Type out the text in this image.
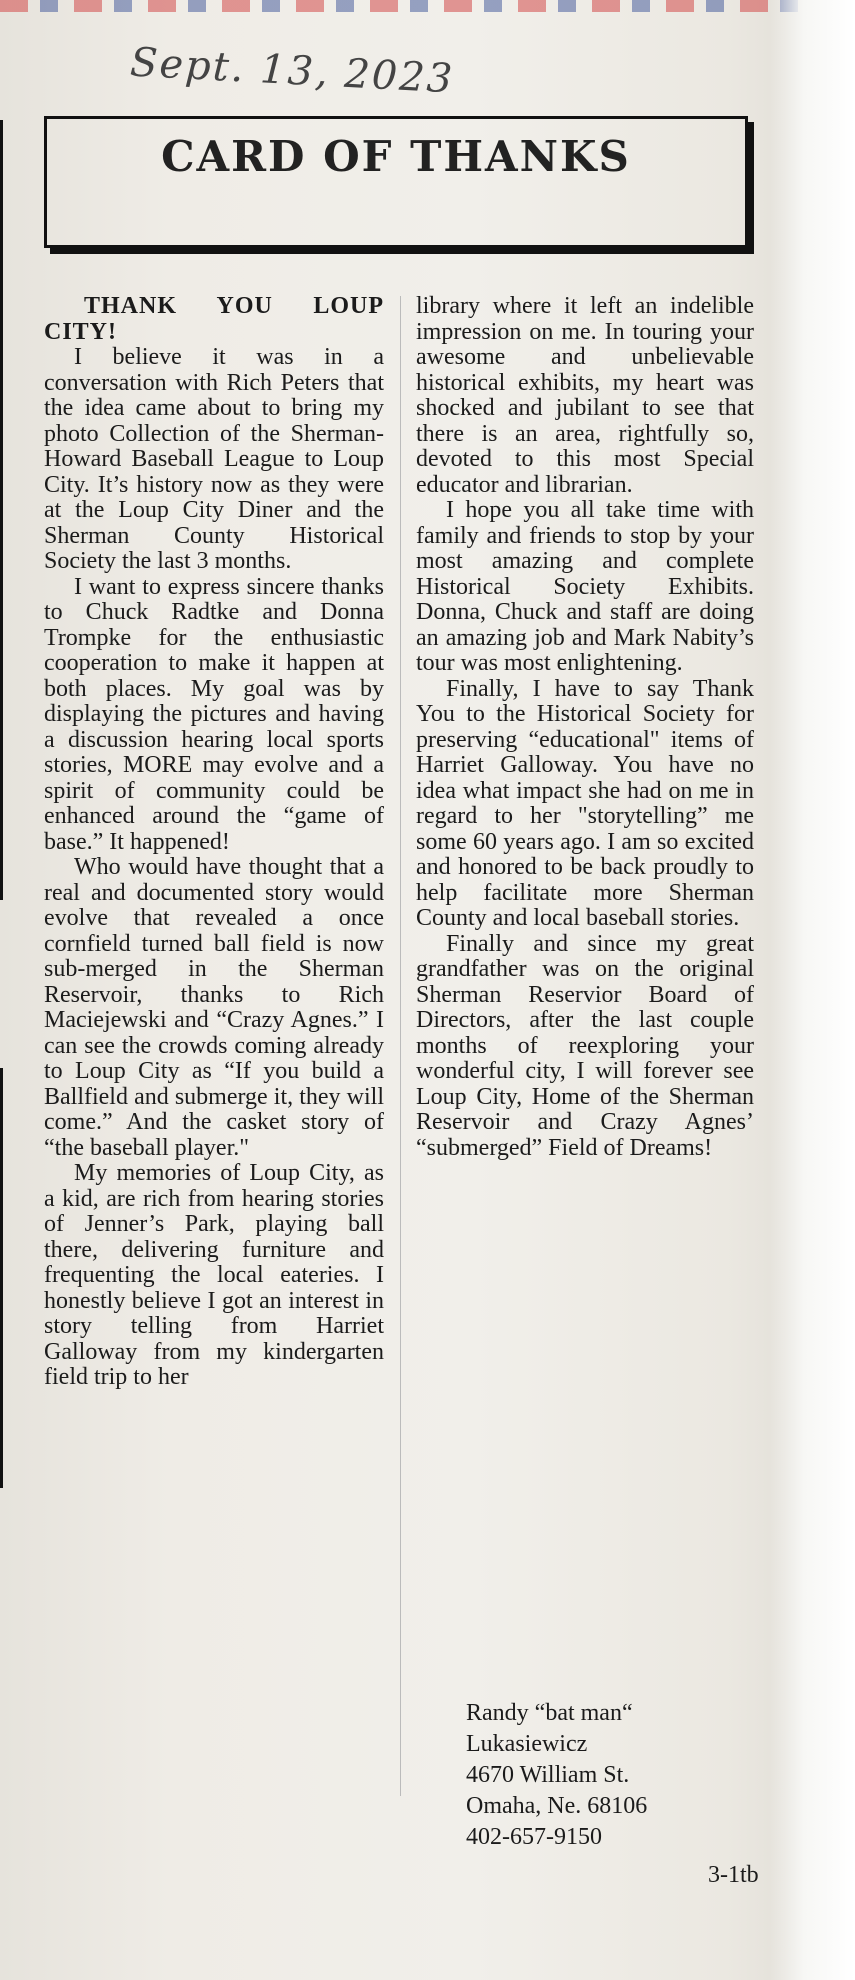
Sept. 13, 2023
CARD OF THANKS

THANK YOU LOUP CITY!

I believe it was in a conversation with Rich Peters that the idea came about to bring my photo Collection of the Sherman-Howard Baseball League to Loup City. It’s history now as they were at the Loup City Diner and the Sherman County Historical Society the last 3 months.

I want to express sincere thanks to Chuck Radtke and Donna Trompke for the enthusiastic cooperation to make it happen at both places. My goal was by displaying the pictures and having a discussion hearing local sports stories, MORE may evolve and a spirit of community could be enhanced around the “game of base.” It happened!

Who would have thought that a real and documented story would evolve that revealed a once cornfield turned ball field is now sub-merged in the Sherman Reservoir, thanks to Rich Maciejewski and “Crazy Agnes.” I can see the crowds coming already to Loup City as “If you build a Ballfield and submerge it, they will come.” And the casket story of “the baseball player."

My memories of Loup City, as a kid, are rich from hearing stories of Jenner’s Park, playing ball there, delivering furniture and frequenting the local eateries. I honestly believe I got an interest in story telling from Harriet Galloway from my kindergarten field trip to her

library where it left an indelible impression on me. In touring your awesome and unbelievable historical exhibits, my heart was shocked and jubilant to see that there is an area, rightfully so, devoted to this most Special educator and librarian.

I hope you all take time with family and friends to stop by your most amazing and complete Historical Society Exhibits. Donna, Chuck and staff are doing an amazing job and Mark Nabity’s tour was most enlightening.

Finally, I have to say Thank You to the Historical Society for preserving “educational" items of Harriet Galloway. You have no idea what impact she had on me in regard to her "storytelling” me some 60 years ago. I am so excited and honored to be back proudly to help facilitate more Sherman County and local baseball stories.

Finally and since my great grandfather was on the original Sherman Reservior Board of Directors, after the last couple months of reexploring your wonderful city, I will forever see Loup City, Home of the Sherman Reservoir and Crazy Agnes’ “submerged” Field of Dreams!

Randy “bat man“
Lukasiewicz
4670 William St.
Omaha, Ne. 68106
402-657-9150
3-1tb
